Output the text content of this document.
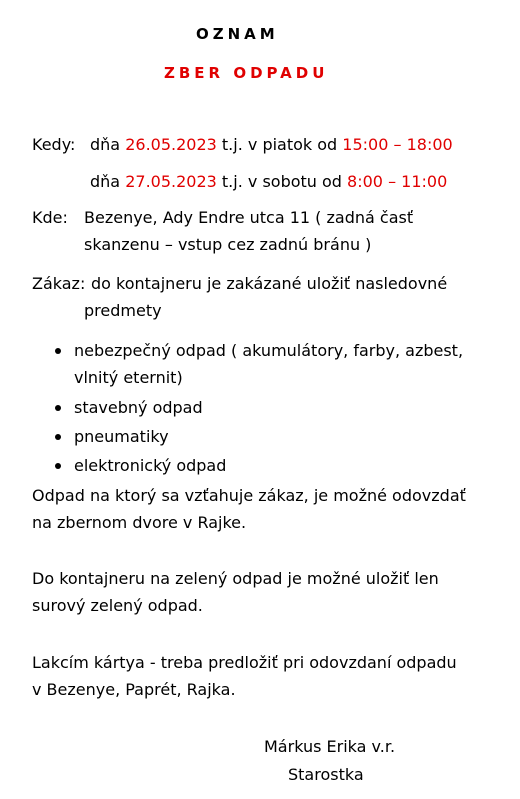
OZNAM
ZBER ODPADU
Kedy: dňa 26.05.2023 t.j. v piatok od 15:00 – 18:00
dňa 27.05.2023 t.j. v sobotu od 8:00 – 11:00
Kde: Bezenye, Ady Endre utca 11 ( zadná časť
skanzenu – vstup cez zadnú bránu )
Zákaz: do kontajneru je zakázané uložiť nasledovné
predmety
nebezpečný odpad ( akumulátory, farby, azbest,
vlnitý eternit)
stavebný odpad
pneumatiky
elektronický odpad
Odpad na ktorý sa vzťahuje zákaz, je možné odovzdať
na zbernom dvore v Rajke.
Do kontajneru na zelený odpad je možné uložiť len
surový zelený odpad.
Lakcím kártya - treba predložiť pri odovzdaní odpadu
v Bezenye, Paprét, Rajka.
Márkus Erika v.r.
Starostka
